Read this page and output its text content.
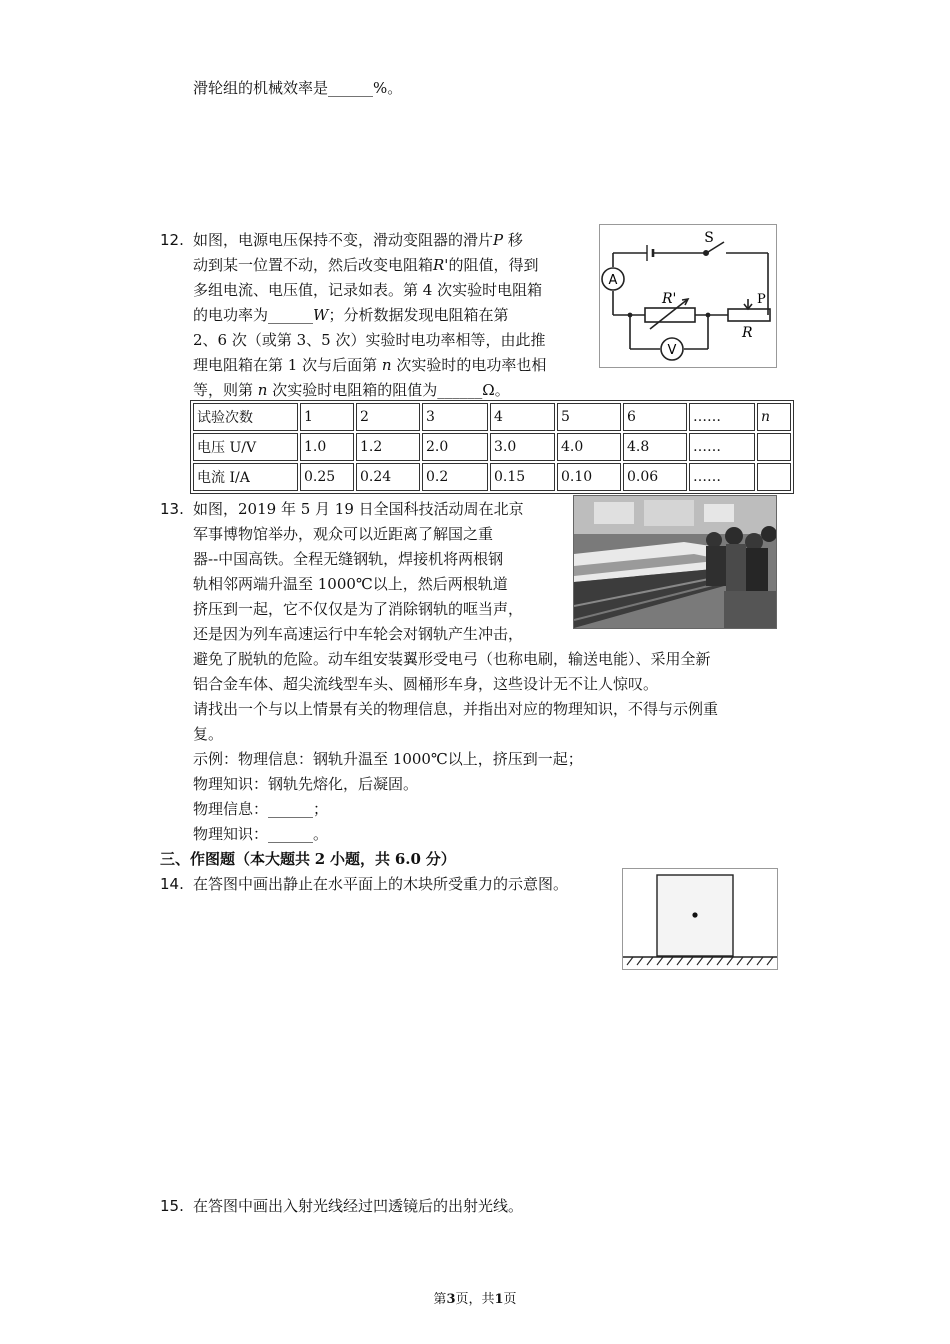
滑轮组的机械效率是______%。
12. 如图，电源电压保持不变，滑动变阻器的滑片P 移
动到某一位置不动，然后改变电阻箱R'的阻值，得到
多组电流、电压值，记录如表。第 4 次实验时电阻箱
的电功率为______W；分析数据发现电阻箱在第
2、6 次（或第 3、5 次）实验时电功率相等，由此推
理电阻箱在第 1 次与后面第 n 次实验时的电功率也相
等，则第 n 次实验时电阻箱的阻值为______Ω。
A
V
S
P
R
R'
试验次数	1	2	3	4	5	6	……	n
电压 U/V	1.0	1.2	2.0	3.0	4.0	4.8	……	
电流 I/A	0.25	0.24	0.2	0.15	0.10	0.06	……	
13. 如图，2019 年 5 月 19 日全国科技活动周在北京
军事博物馆举办，观众可以近距离了解国之重
器--中国高铁。全程无缝钢轨，焊接机将两根钢
轨相邻两端升温至 1000℃以上，然后两根轨道
挤压到一起，它不仅仅是为了消除钢轨的哐当声，
还是因为列车高速运行中车轮会对钢轨产生冲击，
避免了脱轨的危险。动车组安装翼形受电弓（也称电刷，输送电能）、采用全新
铝合金车体、超尖流线型车头、圆桶形车身，这些设计无不让人惊叹。
请找出一个与以上情景有关的物理信息，并指出对应的物理知识，不得与示例重
复。
示例：物理信息：钢轨升温至 1000℃以上，挤压到一起；
物理知识：钢轨先熔化，后凝固。
物理信息：______；
物理知识：______。
三、作图题（本大题共 2 小题，共 6.0 分）
14. 在答图中画出静止在水平面上的木块所受重力的示意图。
15. 在答图中画出入射光线经过凹透镜后的出射光线。
第3页，共1页
